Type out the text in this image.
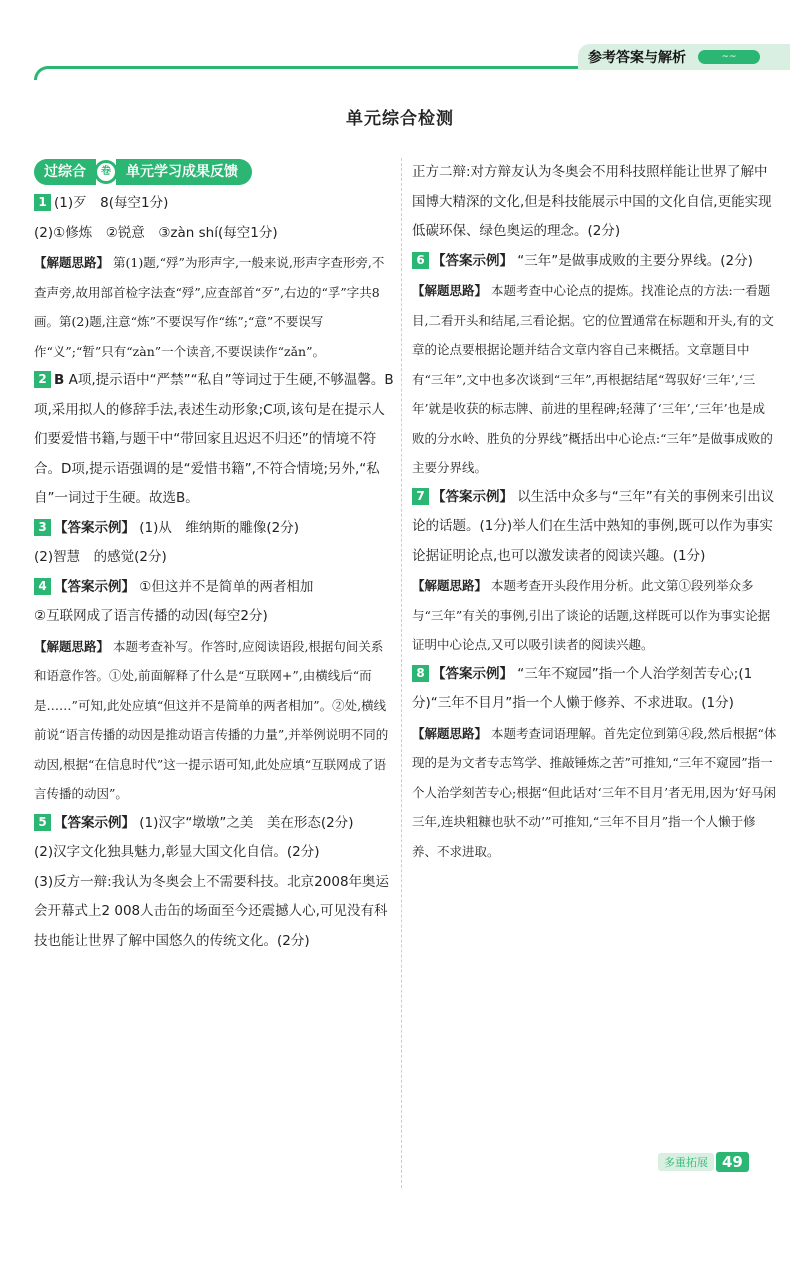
参考答案与解析	~~
单元综合检测
过综合	卷	单元学习成果反馈

1 (1)歹　8(每空1分)

(2)①修炼　②锐意　③zàn shí(每空1分)

【解题思路】 第(1)题,“殍”为形声字,一般来说,形声字查形旁,不查声旁,故用部首检字法查“殍”,应查部首“歹”,右边的“孚”字共8画。第(2)题,注意“炼”不要误写作“练”;“意”不要误写作“义”;“暂”只有“zàn”一个读音,不要误读作“zǎn”。

2 B A项,提示语中“严禁”“私自”等词过于生硬,不够温馨。B项,采用拟人的修辞手法,表述生动形象;C项,该句是在提示人们要爱惜书籍,与题干中“带回家且迟迟不归还”的情境不符合。D项,提示语强调的是“爱惜书籍”,不符合情境;另外,“私自”一词过于生硬。故选B。

3 【答案示例】 (1)从　维纳斯的雕像(2分)

(2)智慧　的感觉(2分)

4 【答案示例】 ①但这并不是简单的两者相加

②互联网成了语言传播的动因(每空2分)

【解题思路】 本题考查补写。作答时,应阅读语段,根据句间关系和语意作答。①处,前面解释了什么是“互联网+”,由横线后“而是……”可知,此处应填“但这并不是简单的两者相加”。②处,横线前说“语言传播的动因是推动语言传播的力量”,并举例说明不同的动因,根据“在信息时代”这一提示语可知,此处应填“互联网成了语言传播的动因”。

5 【答案示例】 (1)汉字“墩墩”之美　美在形态(2分)

(2)汉字文化独具魅力,彰显大国文化自信。(2分)

(3)反方一辩:我认为冬奥会上不需要科技。北京2008年奥运会开幕式上2 008人击缶的场面至今还震撼人心,可见没有科技也能让世界了解中国悠久的传统文化。(2分)

正方二辩:对方辩友认为冬奥会不用科技照样能让世界了解中国博大精深的文化,但是科技能展示中国的文化自信,更能实现低碳环保、绿色奥运的理念。(2分)

6 【答案示例】 “三年”是做事成败的主要分界线。(2分)

【解题思路】 本题考查中心论点的提炼。找准论点的方法:一看题目,二看开头和结尾,三看论据。它的位置通常在标题和开头,有的文章的论点要根据论题并结合文章内容自己来概括。文章题目中有“三年”,文中也多次谈到“三年”,再根据结尾“驾驭好‘三年’,‘三年’就是收获的标志牌、前进的里程碑;轻薄了‘三年’,‘三年’也是成败的分水岭、胜负的分界线”概括出中心论点:“三年”是做事成败的主要分界线。

7 【答案示例】 以生活中众多与“三年”有关的事例来引出议论的话题。(1分)举人们在生活中熟知的事例,既可以作为事实论据证明论点,也可以激发读者的阅读兴趣。(1分)

【解题思路】 本题考查开头段作用分析。此文第①段列举众多与“三年”有关的事例,引出了谈论的话题,这样既可以作为事实论据证明中心论点,又可以吸引读者的阅读兴趣。

8 【答案示例】 “三年不窥园”指一个人治学刻苦专心;(1分)“三年不目月”指一个人懒于修养、不求进取。(1分)

【解题思路】 本题考查词语理解。首先定位到第④段,然后根据“体现的是为文者专志笃学、推敲锤炼之苦”可推知,“三年不窥园”指一个人治学刻苦专心;根据“但此话对‘三年不目月’者无用,因为‘好马闲三年,连块粗糠也驮不动’”可推知,“三年不目月”指一个人懒于修养、不求进取。

多重拓展 49
